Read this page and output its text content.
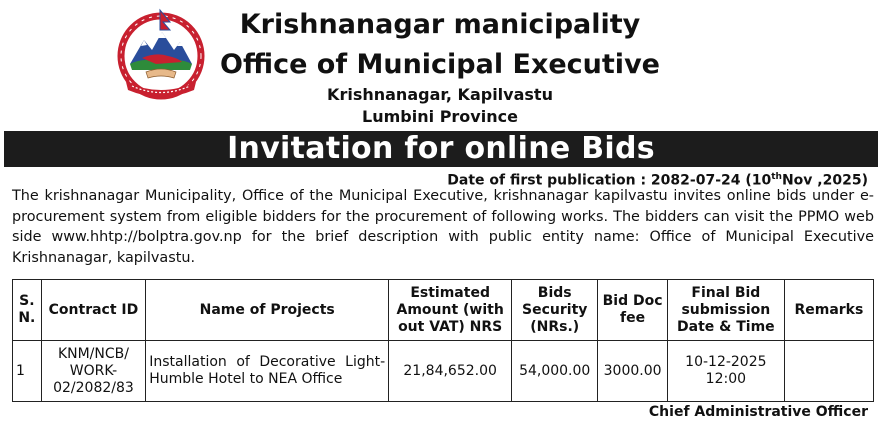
Krishnanagar manicipality
Office of Municipal Executive
Krishnanagar, Kapilvastu
Lumbini Province
Invitation for online Bids
Date of first publication : 2082-07-24 (10thNov ,2025)
The krishnanagar Municipality, Office of the Municipal Executive, krishnanagar kapilvastu invites online bids under e-procurement system from eligible bidders for the procurement of following works. The bidders can visit the PPMO web side www.hhtp://bolptra.gov.np for the brief description with public entity name: Office of Municipal Executive Krishnanagar, kapilvastu.
S. N.	Contract ID	Name of Projects	Estimated Amount (with out VAT) NRS	Bids Security (NRs.)	Bid Doc fee	Final Bid submission Date & Time	Remarks
1	KNM/NCB/ WORK- 02/2082/83	Installation of Decorative Light-Humble Hotel to NEA Office	21,84,652.00	54,000.00	3000.00	10-12-2025 12:00	
Chief Administrative Officer
